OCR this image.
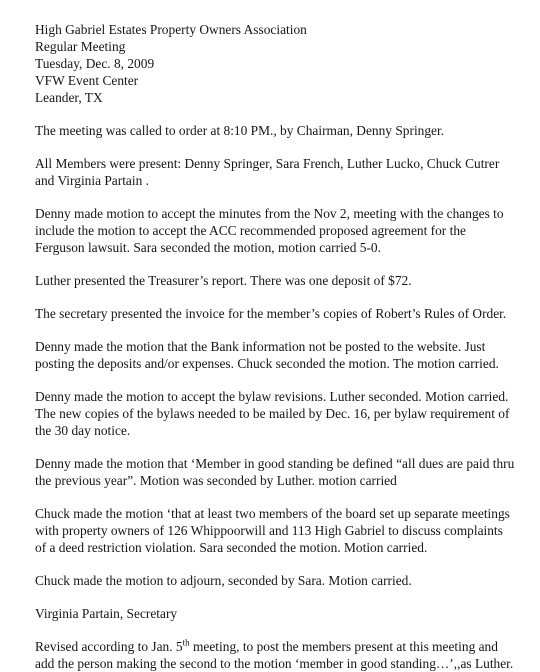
High Gabriel Estates Property Owners Association
Regular Meeting
Tuesday, Dec. 8, 2009
VFW Event Center
Leander, TX

The meeting was called to order at 8:10 PM., by Chairman, Denny Springer.

All Members were present: Denny Springer, Sara French, Luther Lucko, Chuck Cutrer
and Virginia Partain .
Denny made motion to accept the minutes from the Nov 2, meeting with the changes to
include the motion to accept the ACC recommended proposed agreement for the
Ferguson lawsuit. Sara seconded the motion, motion carried 5-0.

Luther presented the Treasurer’s report. There was one deposit of $72.

The secretary presented the invoice for the member’s copies of Robert’s Rules of Order.

Denny made the motion that the Bank information not be posted to the website. Just
posting the deposits and/or expenses. Chuck seconded the motion. The motion carried.
Denny made the motion to accept the bylaw revisions. Luther seconded. Motion carried.
The new copies of the bylaws needed to be mailed by Dec. 16, per bylaw requirement of
the 30 day notice.
Denny made the motion that ‘Member in good standing be defined “all dues are paid thru
the previous year”. Motion was seconded by Luther. motion carried
Chuck made the motion ‘that at least two members of the board set up separate meetings
with property owners of 126 Whippoorwill and 113 High Gabriel to discuss complaints
of a deed restriction violation. Sara seconded the motion. Motion carried.

Chuck made the motion to adjourn, seconded by Sara. Motion carried.

Virginia Partain, Secretary

Revised according to Jan. 5th meeting, to post the members present at this meeting and
add the person making the second to the motion ‘member in good standing…’,,as Luther.
